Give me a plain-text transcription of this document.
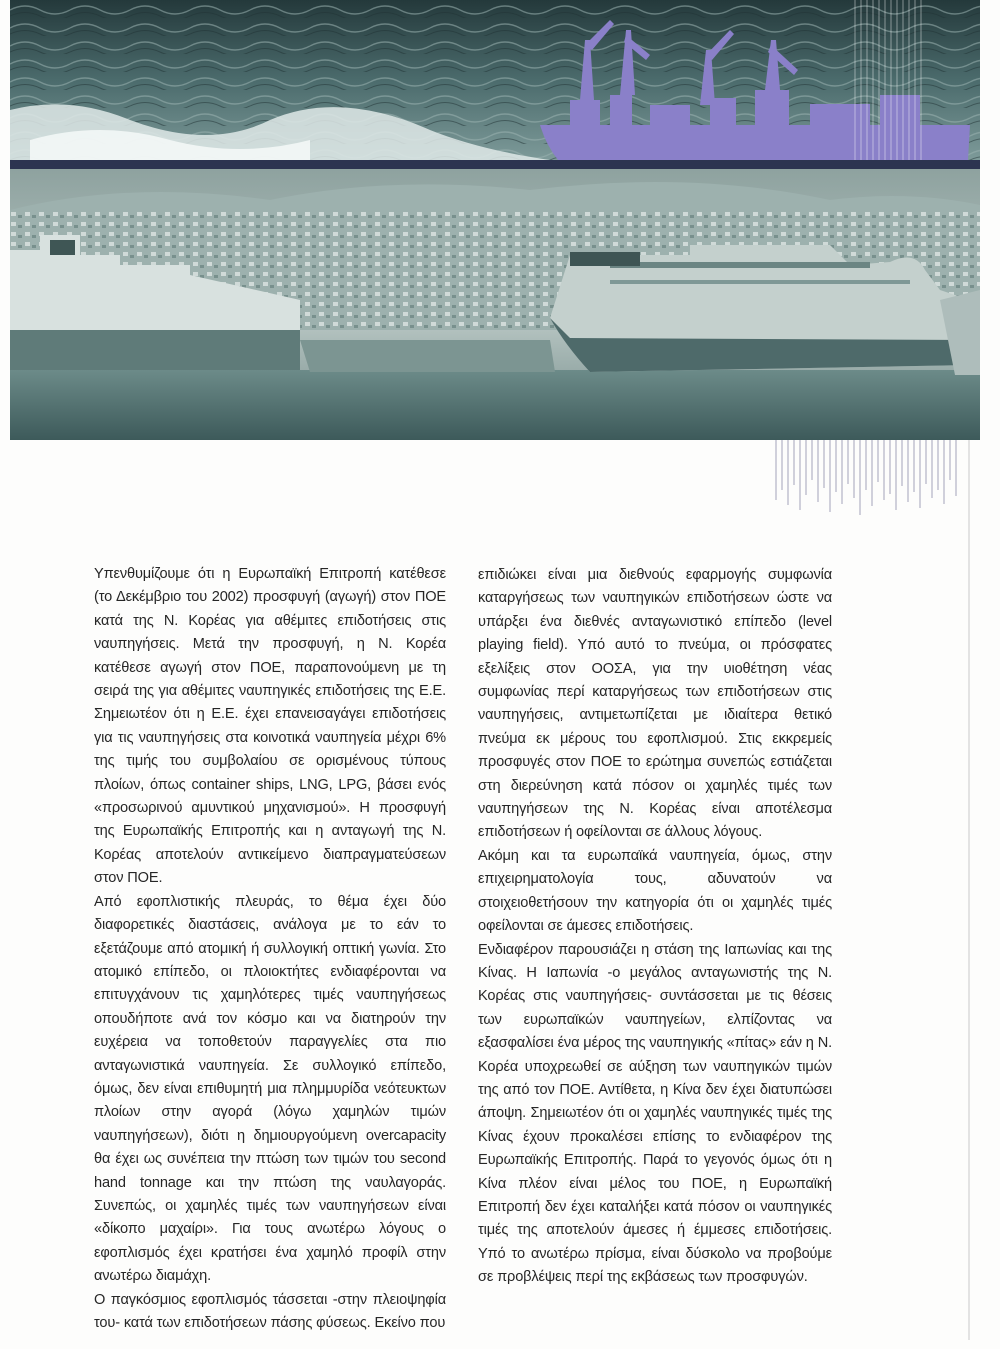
Υπενθυμίζουμε ότι η Ευρωπαϊκή Επιτροπή κατέθεσε (το Δεκέμβριο του 2002) προσφυγή (αγωγή) στον ΠΟΕ κατά της Ν. Κορέας για αθέμιτες επιδοτήσεις στις ναυπηγήσεις. Μετά την προσφυγή, η Ν. Κορέα κατέθεσε αγωγή στον ΠΟΕ, παραπονούμενη με τη σειρά της για αθέμιτες ναυπηγικές επιδοτήσεις της Ε.Ε. Σημειωτέον ότι η Ε.Ε. έχει επανεισαγάγει επιδοτήσεις για τις ναυπηγήσεις στα κοινοτικά ναυπηγεία μέχρι 6% της τιμής του συμβολαίου σε ορισμένους τύπους πλοίων, όπως container ships, LNG, LPG, βάσει ενός «προσωρινού αμυντικού μηχανισμού». Η προσφυγή της Ευρωπαϊκής Επιτροπής και η ανταγωγή της Ν. Κορέας αποτελούν αντικείμενο διαπραγματεύσεων στον ΠΟΕ.

Από εφοπλιστικής πλευράς, το θέμα έχει δύο διαφορετικές διαστάσεις, ανάλογα με το εάν το εξετάζουμε από ατομική ή συλλογική οπτική γωνία. Στο ατομικό επίπεδο, οι πλοιοκτήτες ενδιαφέρονται να επιτυγχάνουν τις χαμηλότερες τιμές ναυπηγήσεως οπουδήποτε ανά τον κόσμο και να διατηρούν την ευχέρεια να τοποθετούν παραγγελίες στα πιο ανταγωνιστικά ναυπηγεία. Σε συλλογικό επίπεδο, όμως, δεν είναι επιθυμητή μια πλημμυρίδα νεότευκτων πλοίων στην αγορά (λόγω χαμηλών τιμών ναυπηγήσεων), διότι η δημιουργούμενη overcapacity θα έχει ως συνέπεια την πτώση των τιμών του second hand tonnage και την πτώση της ναυλαγοράς. Συνεπώς, οι χαμηλές τιμές των ναυπηγήσεων είναι «δίκοπο μαχαίρι». Για τους ανωτέρω λόγους ο εφοπλισμός έχει κρατήσει ένα χαμηλό προφίλ στην ανωτέρω διαμάχη.

Ο παγκόσμιος εφοπλισμός τάσσεται -στην πλειοψηφία του- κατά των επιδοτήσεων πάσης φύσεως. Εκείνο που

επιδιώκει είναι μια διεθνούς εφαρμογής συμφωνία καταργήσεως των ναυπηγικών επιδοτήσεων ώστε να υπάρξει ένα διεθνές ανταγωνιστικό επίπεδο (level playing field). Υπό αυτό το πνεύμα, οι πρόσφατες εξελίξεις στον ΟΟΣΑ, για την υιοθέτηση νέας συμφωνίας περί καταργήσεως των επιδοτήσεων στις ναυπηγήσεις, αντιμετωπίζεται με ιδιαίτερα θετικό πνεύμα εκ μέρους του εφοπλισμού. Στις εκκρεμείς προσφυγές στον ΠΟΕ το ερώτημα συνεπώς εστιάζεται στη διερεύνηση κατά πόσον οι χαμηλές τιμές των ναυπηγήσεων της Ν. Κορέας είναι αποτέλεσμα επιδοτήσεων ή οφείλονται σε άλλους λόγους.

Ακόμη και τα ευρωπαϊκά ναυπηγεία, όμως, στην επιχειρηματολογία τους, αδυνατούν να στοιχειοθετήσουν την κατηγορία ότι οι χαμηλές τιμές οφείλονται σε άμεσες επιδοτήσεις.

Ενδιαφέρον παρουσιάζει η στάση της Ιαπωνίας και της Κίνας. Η Ιαπωνία -ο μεγάλος ανταγωνιστής της Ν. Κορέας στις ναυπηγήσεις- συντάσσεται με τις θέσεις των ευρωπαϊκών ναυπηγείων, ελπίζοντας να εξασφαλίσει ένα μέρος της ναυπηγικής «πίτας» εάν η Ν. Κορέα υποχρεωθεί σε αύξηση των ναυπηγικών τιμών της από τον ΠΟΕ. Αντίθετα, η Κίνα δεν έχει διατυπώσει άποψη. Σημειωτέον ότι οι χαμηλές ναυπηγικές τιμές της Κίνας έχουν προκαλέσει επίσης το ενδιαφέρον της Ευρωπαϊκής Επιτροπής. Παρά το γεγονός όμως ότι η Κίνα πλέον είναι μέλος του ΠΟΕ, η Ευρωπαϊκή Επιτροπή δεν έχει καταλήξει κατά πόσον οι ναυπηγικές τιμές της αποτελούν άμεσες ή έμμεσες επιδοτήσεις. Υπό το ανωτέρω πρίσμα, είναι δύσκολο να προβούμε σε προβλέψεις περί της εκβάσεως των προσφυγών.
